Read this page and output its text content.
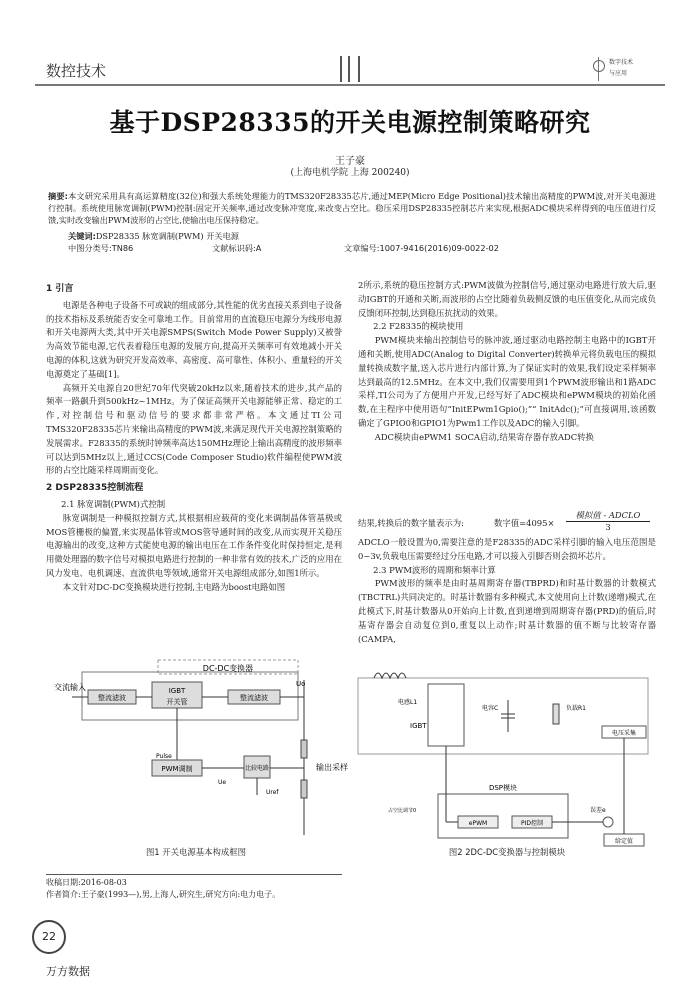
数控技术	数字技术
与应用
基于DSP28335的开关电源控制策略研究
王子豪
(上海电机学院 上海 200240)
摘要:本文研究采用具有高运算精度(32位)和强大系统处理能力的TMS320F28335芯片,通过MEP(Micro Edge Positional)技术输出高精度的PWM波,对开关电源进行控制。系统使用脉宽调制(PWM)控制:固定开关频率,通过改变脉冲宽度,来改变占空比。稳压采用DSP28335控制芯片来实现,根据ADC模块采样得到的电压值进行反馈,实时改变输出PWM波形的占空比,使输出电压保持稳定。
关键词:DSP28335 脉宽调制(PWM) 开关电源
中图分类号:TN86	文献标识码:A	文章编号:1007-9416(2016)09-0022-02
1 引言

电源是各种电子设备不可或缺的组成部分,其性能的优劣直接关系到电子设备的技术指标及系统能否安全可靠地工作。目前常用的直流稳压电源分为线形电源和开关电源两大类,其中开关电源SMPS(Switch Mode Power Supply)又被誉为高效节能电源,它代表着稳压电源的发展方向,提高开关频率可有效地减小开关电源的体积,这就为研究开发高效率、高密度、高可靠性、体积小、重量轻的开关电源奠定了基础[1]。

高频开关电源自20世纪70年代突破20kHz以来,随着技术的进步,其产品的频率一路飙升到500kHz~1MHz。为了保证高频开关电源能够正常、稳定的工作,对控制信号和驱动信号的要求都非常严格。本文通过TI公司TMS320F28335芯片来输出高精度的PWM波,来满足现代开关电源控制策略的发展需求。F28335的系统时钟频率高达150MHz理论上输出高精度的波形频率可以达到5MHz以上,通过CCS(Code Composer Studio)软件编程使PWM波形的占空比随采样周期而变化。

2 DSP28335控制流程
2.1 脉宽调制(PWM)式控制

脉宽调制是一种模拟控制方式,其根据相应载荷的变化来调制晶体管基极或MOS管栅极的偏置,来实现晶体管或MOS管导通时间的改变,从而实现开关稳压电源输出的改变,这种方式能使电源的输出电压在工作条件变化时保持恒定,是利用微处理器的数字信号对模拟电路进行控制的一种非常有效的技术,广泛的应用在风力发电、电机调速、直流供电等领域,通常开关电源组成部分,如图1所示。

本文针对DC-DC变换模块进行控制,主电路为boost电路如图

2所示,系统的稳压控制方式:PWM波做为控制信号,通过驱动电路进行放大后,驱动IGBT的开通和关断,而波形的占空比随着负载侧反馈的电压值变化,从而完成负反馈闭环控制,达到稳压抗扰动的效果。

2.2 F28335的模块使用

PWM模块来输出控制信号的脉冲波,通过驱动电路控制主电路中的IGBT开通和关断,使用ADC(Analog to Digital Converter)转换单元将负载电压的模拟量转换成数字量,送入芯片进行内部计算,为了保证实时的效果,我们设定采样频率达到最高的12.5MHz。在本文中,我们仅需要用到1个PWM波形输出和1路ADC采样,TI公司为了方便用户开发,已经写好了ADC模块和ePWM模块的初始化函数,在主程序中使用语句“InitEPwm1Gpio();”“ InitAdc();”可直接调用,该函数确定了GPIO0和GPIO1为Pwm1工作以及ADC的输入引脚。

ADC模块由ePWM1 SOCA启动,结果寄存器存放ADC转换

结果,转换后的数字量表示为:	数字值=4095×
模拟值 - ADCLO
3

ADCLO一般设置为0,需要注意的是F28335的ADC采样引脚的输入电压范围是0~3v,负载电压需要经过分压电路,才可以接入引脚否则会损坏芯片。

2.3 PWM波形的周期和频率计算

PWM波形的频率是由时基周期寄存器(TBPRD)和时基计数器的计数模式(TBCTRL)共同决定的。时基计数器有多种模式,本文使用向上计数(递增)模式,在此模式下,时基计数器从0开始向上计数,直到递增到周期寄存器(PRD)的值后,时基寄存器会自动复位到0,重复以上动作;时基计数器的值不断与比较寄存器(CAMPA,

DC-DC变换器
交流输入
整流滤波
IGBT
开关管	整流滤波
Uo
输出采样
Pulse
PWM调制	比较电路
Ue
Uref
图1 开关电源基本构成框图
电感L1
IGBT
电容C	负载R1
电压采集
DSP模块
占空比调节0
ePWM	PID控制
误差e
给定值
图2 2DC-DC变换器与控制模块
收稿日期:2016-08-03
作者简介:王子豪(1993—),男,上海人,研究生,研究方向:电力电子。
22
万方数据
